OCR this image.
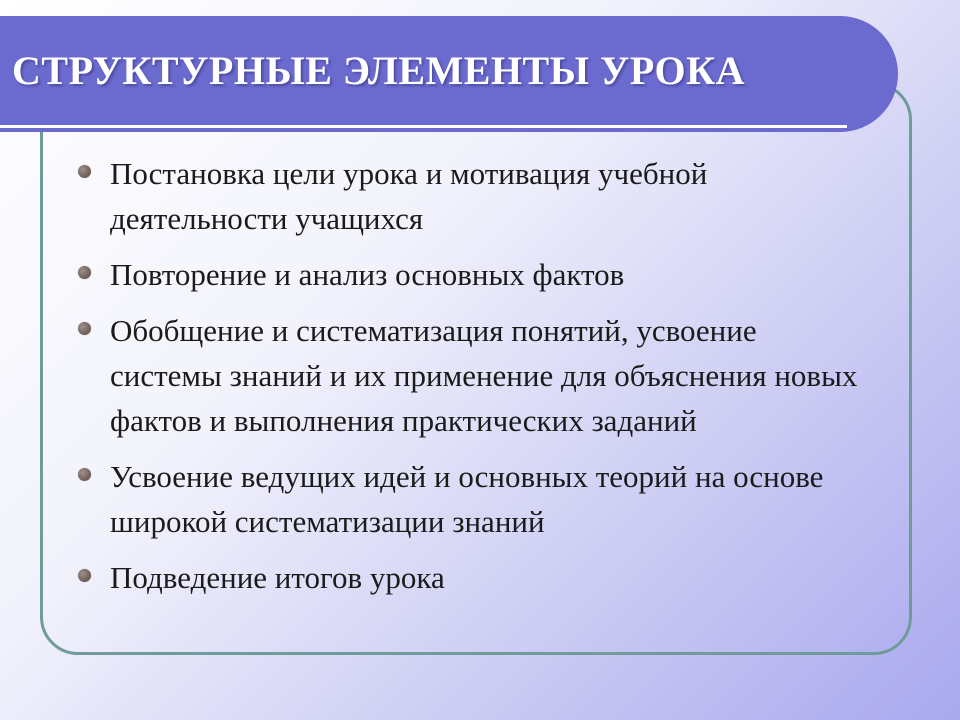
СТРУКТУРНЫЕ ЭЛЕМЕНТЫ УРОКА
Постановка цели урока и мотивация учебной деятельности учащихся
Повторение и анализ основных фактов
Обобщение и систематизация понятий, усвоение системы знаний и их применение для объяснения новых фактов и выполнения практических заданий
Усвоение ведущих идей и основных теорий на основе широкой систематизации знаний
Подведение итогов урока
